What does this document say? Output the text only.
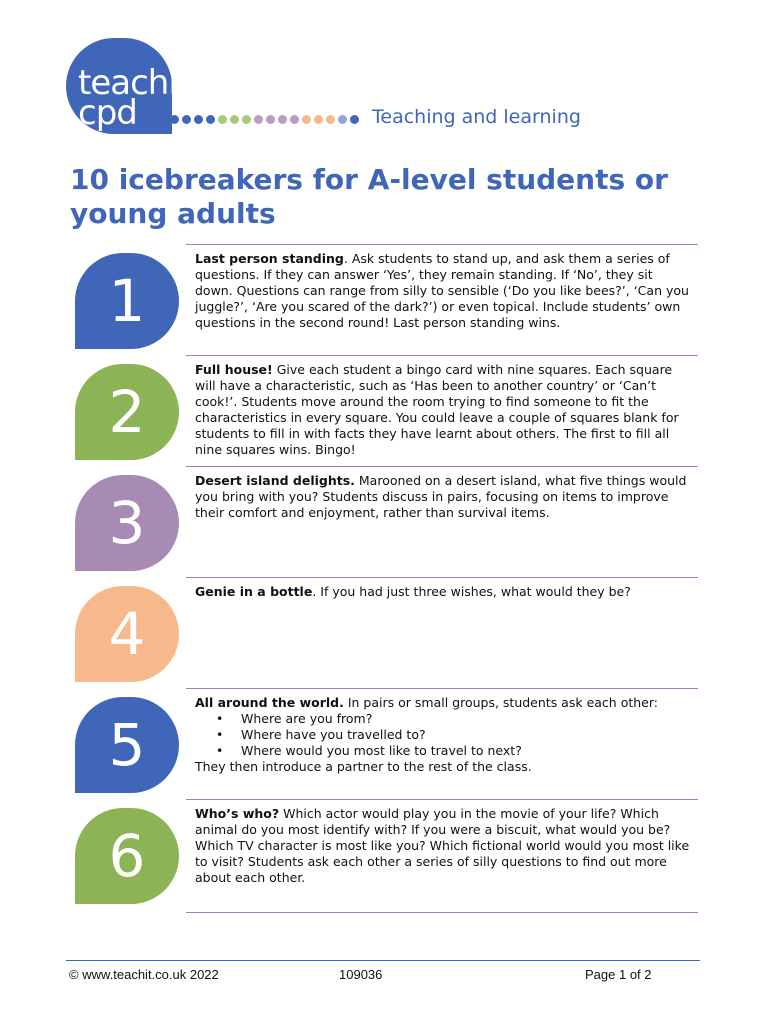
teachit
cpd	Teaching and learning
10 icebreakers for A-level students or young adults
1
Last person standing. Ask students to stand up, and ask them a series of questions. If they can answer ‘Yes’, they remain standing. If ‘No’, they sit down. Questions can range from silly to sensible (‘Do you like bees?’, ‘Can you juggle?’, ‘Are you scared of the dark?’) or even topical. Include students’ own questions in the second round! Last person standing wins.
2
Full house! Give each student a bingo card with nine squares. Each square will have a characteristic, such as ‘Has been to another country’ or ‘Can’t cook!’. Students move around the room trying to find someone to fit the characteristics in every square. You could leave a couple of squares blank for students to fill in with facts they have learnt about others. The first to fill all nine squares wins. Bingo!
3
Desert island delights. Marooned on a desert island, what five things would you bring with you? Students discuss in pairs, focusing on items to improve their comfort and enjoyment, rather than survival items.
4
Genie in a bottle. If you had just three wishes, what would they be?
5
All around the world. In pairs or small groups, students ask each other:
• Where are you from?
• Where have you travelled to?
• Where would you most like to travel to next?
They then introduce a partner to the rest of the class.
6
Who’s who? Which actor would play you in the movie of your life? Which animal do you most identify with? If you were a biscuit, what would you be? Which TV character is most like you? Which fictional world would you most like to visit? Students ask each other a series of silly questions to find out more about each other.
© www.teachit.co.uk 2022	109036	Page 1 of 2
